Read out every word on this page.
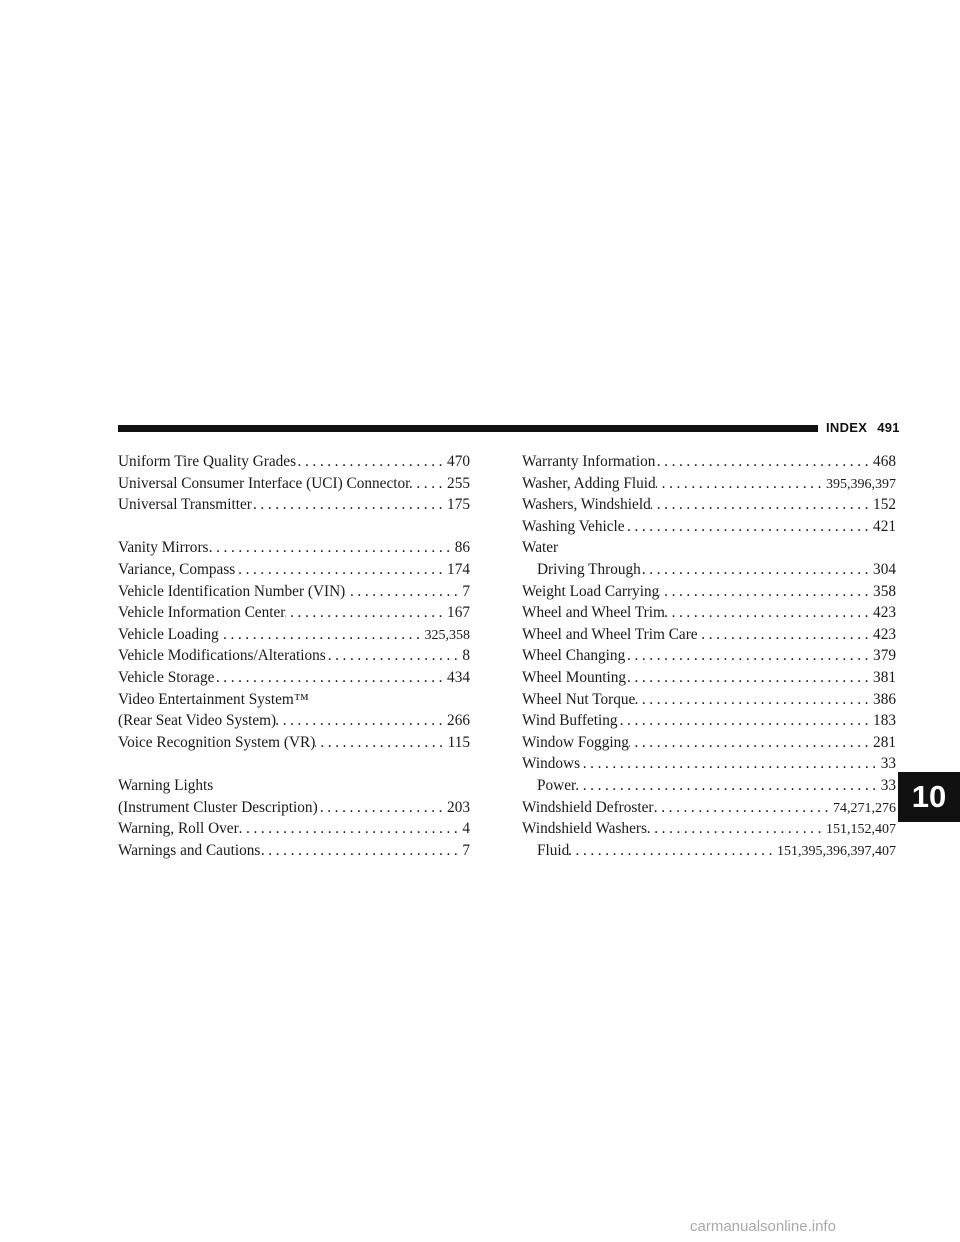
INDEX 491
Uniform Tire Quality Grades .....	470
Universal Consumer Interface (UCI) Connector ..... 255
Universal Transmitter .....	175
Vanity Mirrors .....	86
Variance, Compass .....	174
Vehicle Identification Number (VIN) .....	7
Vehicle Information Center .....	167
Vehicle Loading .....	325,358
Vehicle Modifications/Alterations .....	8
Vehicle Storage .....	434
Video Entertainment System™
(Rear Seat Video System) .....	266
Voice Recognition System (VR) .....	115
Warning Lights
(Instrument Cluster Description) .....	203
Warning, Roll Over .....	4
Warnings and Cautions .....	7
Warranty Information .....	468
Washer, Adding Fluid .....	395,396,397
Washers, Windshield .....	152
Washing Vehicle .....	421
Water
Driving Through .....	304
Weight Load Carrying .....	358
Wheel and Wheel Trim .....	423
Wheel and Wheel Trim Care .....	423
Wheel Changing .....	379
Wheel Mounting .....	381
Wheel Nut Torque .....	386
Wind Buffeting .....	183
Window Fogging .....	281
Windows .....	33
Power .....	33
Windshield Defroster .....	74,271,276
Windshield Washers .....	151,152,407
Fluid .....	151,395,396,397,407
10
carmanualsonline.info
